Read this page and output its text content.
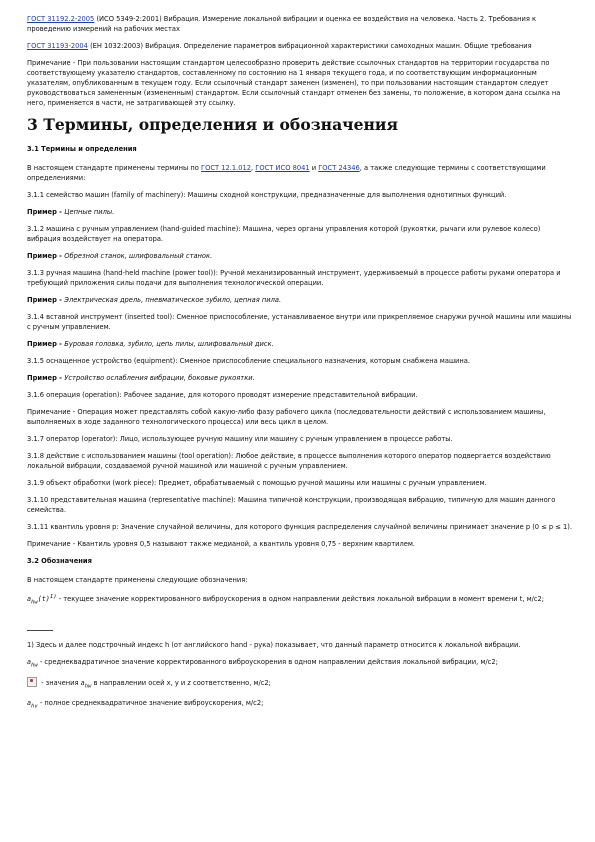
ГОСТ 31192.2-2005 (ИСО 5349-2:2001) Вибрация. Измерение локальной вибрации и оценка ее воздействия на человека. Часть 2. Требования к проведению измерений на рабочих местах

ГОСТ 31193-2004 (ЕН 1032:2003) Вибрация. Определение параметров вибрационной характеристики самоходных машин. Общие требования

Примечание - При пользовании настоящим стандартом целесообразно проверить действие ссылочных стандартов на территории государства по соответствующему указателю стандартов, составленному по состоянию на 1 января текущего года, и по соответствующим информационным указателям, опубликованным в текущем году. Если ссылочный стандарт заменен (изменен), то при пользовании настоящим стандартом следует руководствоваться замененным (измененным) стандартом. Если ссылочный стандарт отменен без замены, то положение, в котором дана ссылка на него, применяется в части, не затрагивающей эту ссылку.

3 Термины, определения и обозначения

3.1 Термины и определения

В настоящем стандарте применены термины по ГОСТ 12.1.012, ГОСТ ИСО 8041 и ГОСТ 24346, а также следующие термины с соответствующими определениями:

3.1.1 семейство машин (family of machinery): Машины сходной конструкции, предназначенные для выполнения однотипных функций.

Пример - Цепные пилы.

3.1.2 машина с ручным управлением (hand-guided machine): Машина, через органы управления которой (рукоятки, рычаги или рулевое колесо) вибрация воздействует на оператора.

Пример - Обрезной станок, шлифовальный станок.

3.1.3 ручная машина (hand-held machine (power tool)): Ручной механизированный инструмент, удерживаемый в процессе работы руками оператора и требующий приложения силы подачи для выполнения технологической операции.

Пример - Электрическая дрель, пневматическое зубило, цепная пила.

3.1.4 вставной инструмент (inserted tool): Сменное приспособление, устанавливаемое внутри или прикрепляемое снаружи ручной машины или машины с ручным управлением.

Пример - Буровая головка, зубило, цепь пилы, шлифовальный диск.

3.1.5 оснащенное устройство (equipment): Сменное приспособление специального назначения, которым снабжена машина.

Пример - Устройство ослабления вибрации, боковые рукоятки.

3.1.6 операция (operation): Рабочее задание, для которого проводят измерение представительной вибрации.

Примечание - Операция может представлять собой какую-либо фазу рабочего цикла (последовательности действий с использованием машины, выполняемых в ходе заданного технологического процесса) или весь цикл в целом.

3.1.7 оператор (operator): Лицо, использующее ручную машину или машину с ручным управлением в процессе работы.

3.1.8 действие с использованием машины (tool operation): Любое действие, в процессе выполнения которого оператор подвергается воздействию локальной вибрации, создаваемой ручной машиной или машиной с ручным управлением.

3.1.9 объект обработки (work piece): Предмет, обрабатываемый с помощью ручной машины или машины с ручным управлением.

3.1.10 представительная машина (representative machine): Машина типичной конструкции, производящая вибрацию, типичную для машин данного семейства.

3.1.11 квантиль уровня p: Значение случайной величины, для которого функция распределения случайной величины принимает значение p (0 ≤ p ≤ 1).

Примечание - Квантиль уровня 0,5 называют также медианой, а квантиль уровня 0,75 - верхним квартилем.

3.2 Обозначения

В настоящем стандарте применены следующие обозначения:

$a_{hw}(t)^{1)}$ - текущее значение корректированного виброускорения в одном направлении действия локальной вибрации в момент времени t, м/с2;

1) Здесь и далее подстрочный индекс h (от английского hand - рука) показывает, что данный параметр относится к локальной вибрации.

$a_{hw}$ - среднеквадратичное значение корректированного виброускорения в одном направлении действия локальной вибрации, м/с2;

- значения $a_{hw}$ в направлении осей x, y и z соответственно, м/с2;

$a_{hv}$ - полное среднеквадратичное значение виброускорения, м/с2;
